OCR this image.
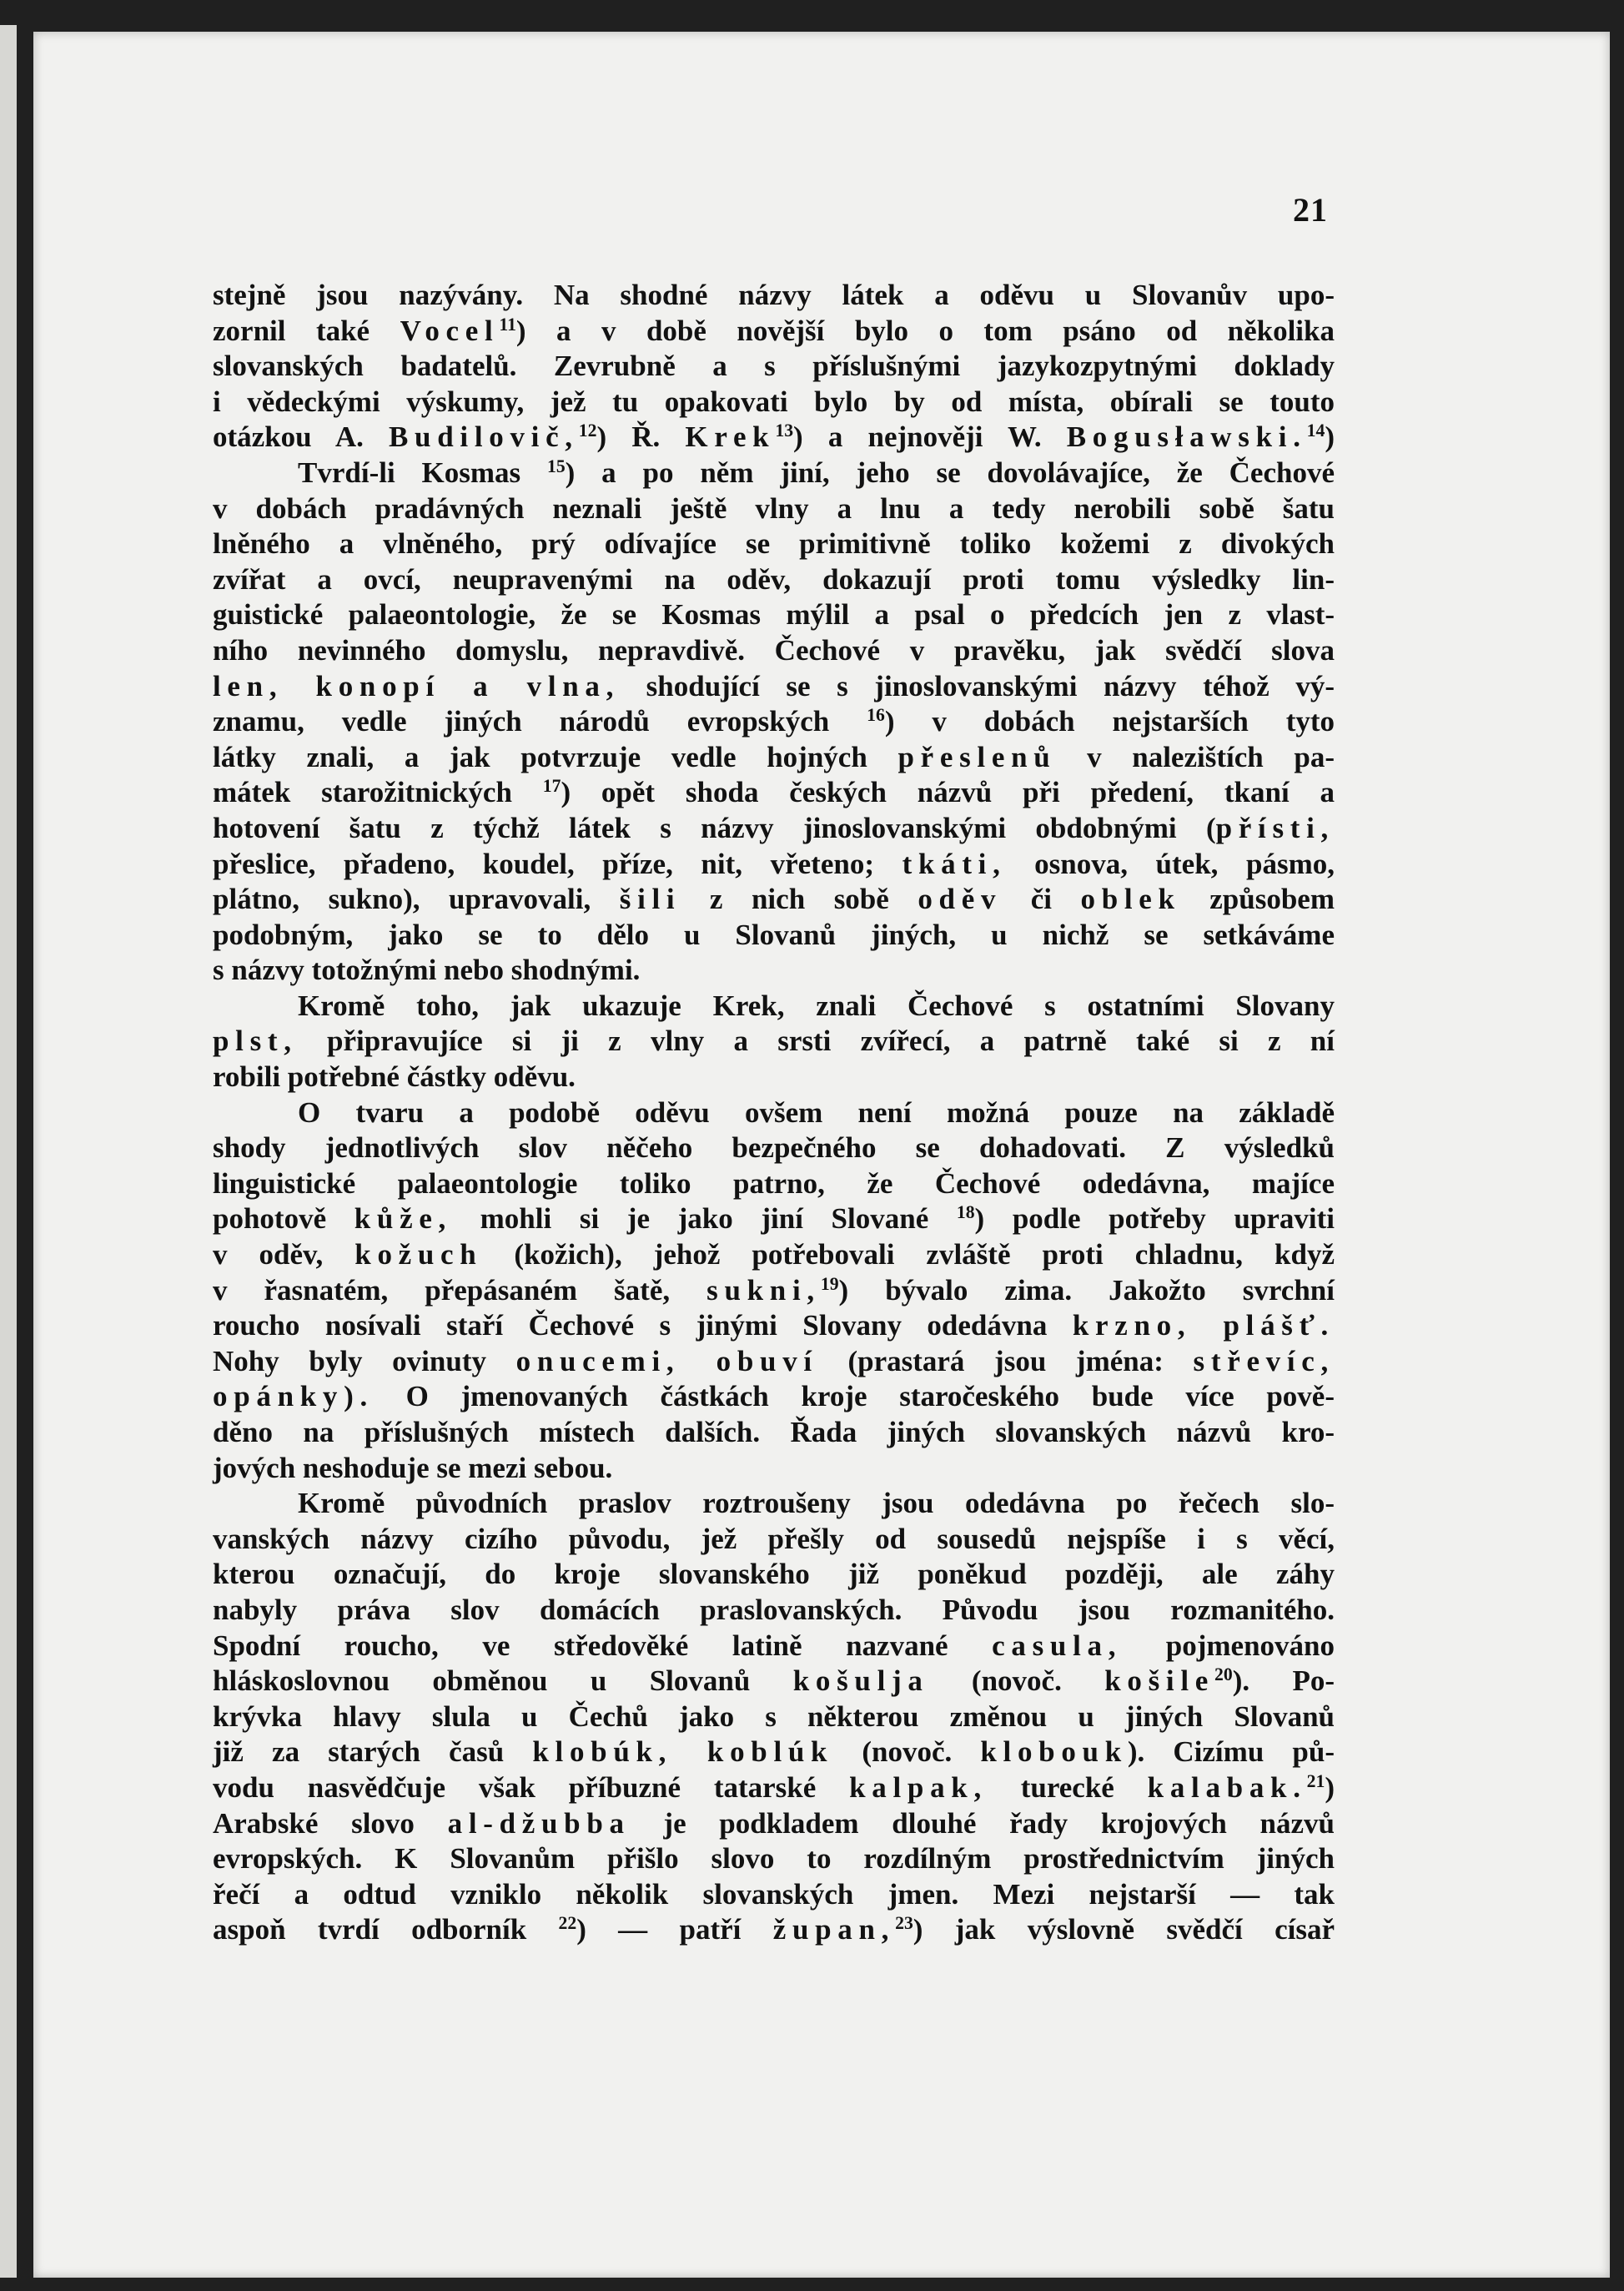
21
stejně jsou nazývány. Na shodné názvy látek a oděvu u Slovanův upo-
zornil také Vocel$^{11}$) a v době novější bylo o tom psáno od několika
slovanských badatelů. Zevrubně a s příslušnými jazykozpytnými doklady
i vědeckými výskumy, jež tu opakovati bylo by od místa, obírali se touto
otázkou A. Budilovič,$^{12}$) Ř. Krek$^{13}$) a nejnověji W. Bogusławski.$^{14}$)
Tvrdí-li Kosmas $^{15}$) a po něm jiní, jeho se dovolávajíce, že Čechové
v dobách pradávných neznali ještě vlny a lnu a tedy nerobili sobě šatu
lněného a vlněného, prý odívajíce se primitivně toliko kožemi z divokých
zvířat a ovcí, neupravenými na oděv, dokazují proti tomu výsledky lin-
guistické palaeontologie, že se Kosmas mýlil a psal o předcích jen z vlast-
ního nevinného domyslu, nepravdivě. Čechové v pravěku, jak svědčí slova
len, konopí a vlna, shodující se s jinoslovanskými názvy téhož vý-
znamu, vedle jiných národů evropských $^{16}$) v dobách nejstarších tyto
látky znali, a jak potvrzuje vedle hojných přeslenů v nalezištích pa-
mátek starožitnických $^{17}$) opět shoda českých názvů při předení, tkaní a
hotovení šatu z týchž látek s názvy jinoslovanskými obdobnými (přísti,
přeslice, přadeno, koudel, příze, nit, vřeteno; tkáti, osnova, útek, pásmo,
plátno, sukno), upravovali, šili z nich sobě oděv či oblek způsobem
podobným, jako se to dělo u Slovanů jiných, u nichž se setkáváme
s názvy totožnými nebo shodnými.
Kromě toho, jak ukazuje Krek, znali Čechové s ostatními Slovany
plst, připravujíce si ji z vlny a srsti zvířecí, a patrně také si z ní
robili potřebné částky oděvu.
O tvaru a podobě oděvu ovšem není možná pouze na základě
shody jednotlivých slov něčeho bezpečného se dohadovati. Z výsledků
linguistické palaeontologie toliko patrno, že Čechové odedávna, majíce
pohotově kůže, mohli si je jako jiní Slované $^{18}$) podle potřeby upraviti
v oděv, kožuch (kožich), jehož potřebovali zvláště proti chladnu, když
v řasnatém, přepásaném šatě, sukni,$^{19}$) bývalo zima. Jakožto svrchní
roucho nosívali staří Čechové s jinými Slovany odedávna krzno, plášť.
Nohy byly ovinuty onucemi, obuví (prastará jsou jména: střevíc,
opánky). O jmenovaných částkách kroje staročeského bude více pově-
děno na příslušných místech dalších. Řada jiných slovanských názvů kro-
jových neshoduje se mezi sebou.
Kromě původních praslov roztroušeny jsou odedávna po řečech slo-
vanských názvy cizího původu, jež přešly od sousedů nejspíše i s věcí,
kterou označují, do kroje slovanského již poněkud později, ale záhy
nabyly práva slov domácích praslovanských. Původu jsou rozmanitého.
Spodní roucho, ve středověké latině nazvané casula, pojmenováno
hláskoslovnou obměnou u Slovanů košulja (novoč. košile$^{20}$). Po-
krývka hlavy slula u Čechů jako s některou změnou u jiných Slovanů
již za starých časů klobúk, koblúk (novoč. klobouk). Cizímu pů-
vodu nasvědčuje však příbuzné tatarské kalpak, turecké kalabak.$^{21}$)
Arabské slovo al-džubba je podkladem dlouhé řady krojových názvů
evropských. K Slovanům přišlo slovo to rozdílným prostřednictvím jiných
řečí a odtud vzniklo několik slovanských jmen. Mezi nejstarší — tak
aspoň tvrdí odborník $^{22}$) — patří župan,$^{23}$) jak výslovně svědčí císař
